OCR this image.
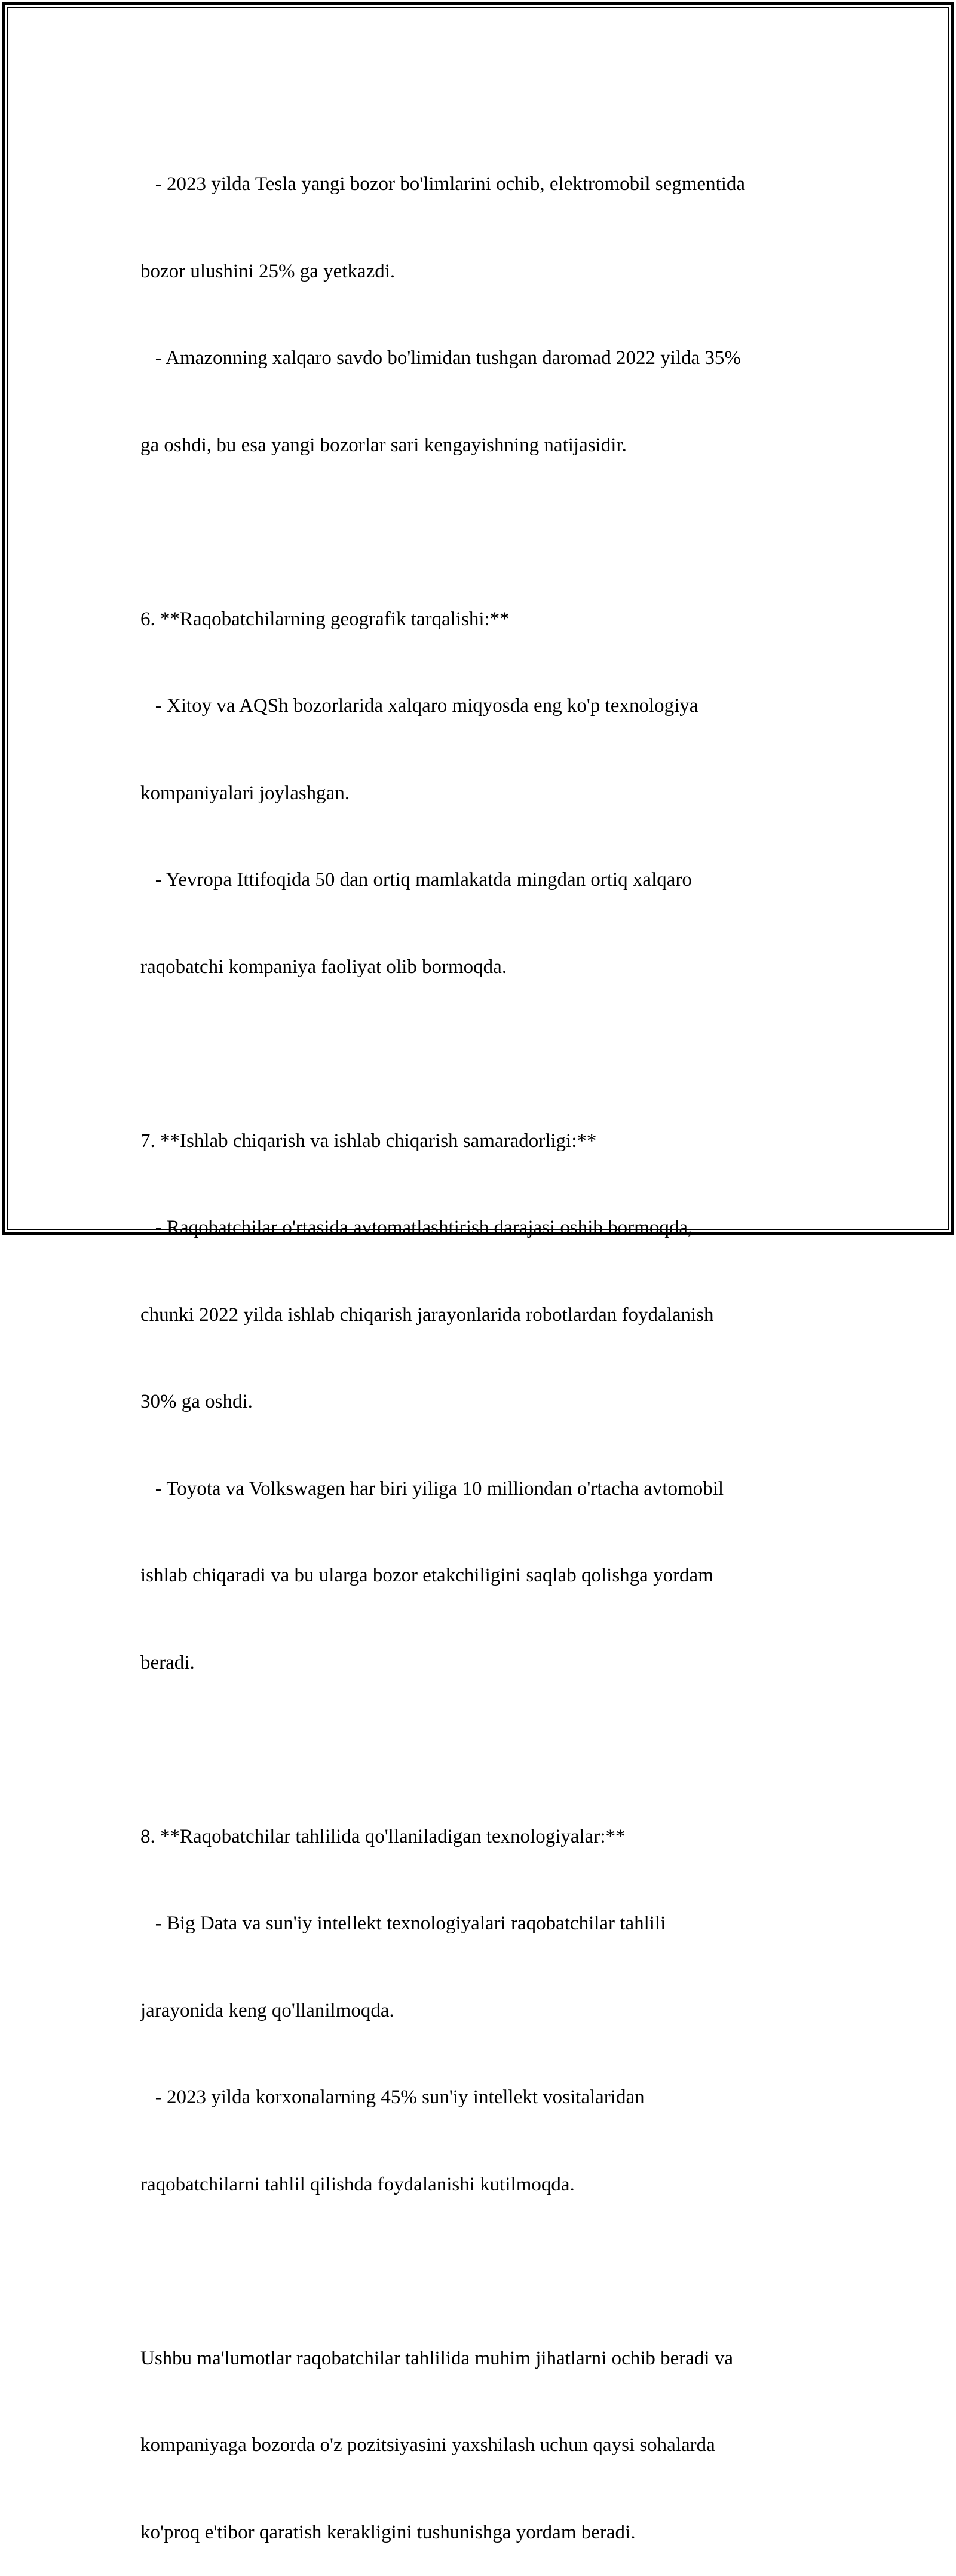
- 2023 yilda Tesla yangi bozor bo'limlarini ochib, elektromobil segmentida

bozor ulushini 25% ga yetkazdi.

- Amazonning xalqaro savdo bo'limidan tushgan daromad 2022 yilda 35%

ga oshdi, bu esa yangi bozorlar sari kengayishning natijasidir.

6. **Raqobatchilarning geografik tarqalishi:**

- Xitoy va AQSh bozorlarida xalqaro miqyosda eng ko'p texnologiya

kompaniyalari joylashgan.

- Yevropa Ittifoqida 50 dan ortiq mamlakatda mingdan ortiq xalqaro

raqobatchi kompaniya faoliyat olib bormoqda.

7. **Ishlab chiqarish va ishlab chiqarish samaradorligi:**

- Raqobatchilar o'rtasida avtomatlashtirish darajasi oshib bormoqda,

chunki 2022 yilda ishlab chiqarish jarayonlarida robotlardan foydalanish

30% ga oshdi.

- Toyota va Volkswagen har biri yiliga 10 milliondan o'rtacha avtomobil

ishlab chiqaradi va bu ularga bozor etakchiligini saqlab qolishga yordam

beradi.

8. **Raqobatchilar tahlilida qo'llaniladigan texnologiyalar:**

- Big Data va sun'iy intellekt texnologiyalari raqobatchilar tahlili

jarayonida keng qo'llanilmoqda.

- 2023 yilda korxonalarning 45% sun'iy intellekt vositalaridan

raqobatchilarni tahlil qilishda foydalanishi kutilmoqda.

Ushbu ma'lumotlar raqobatchilar tahlilida muhim jihatlarni ochib beradi va

kompaniyaga bozorda o'z pozitsiyasini yaxshilash uchun qaysi sohalarda

ko'proq e'tibor qaratish kerakligini tushunishga yordam beradi.
